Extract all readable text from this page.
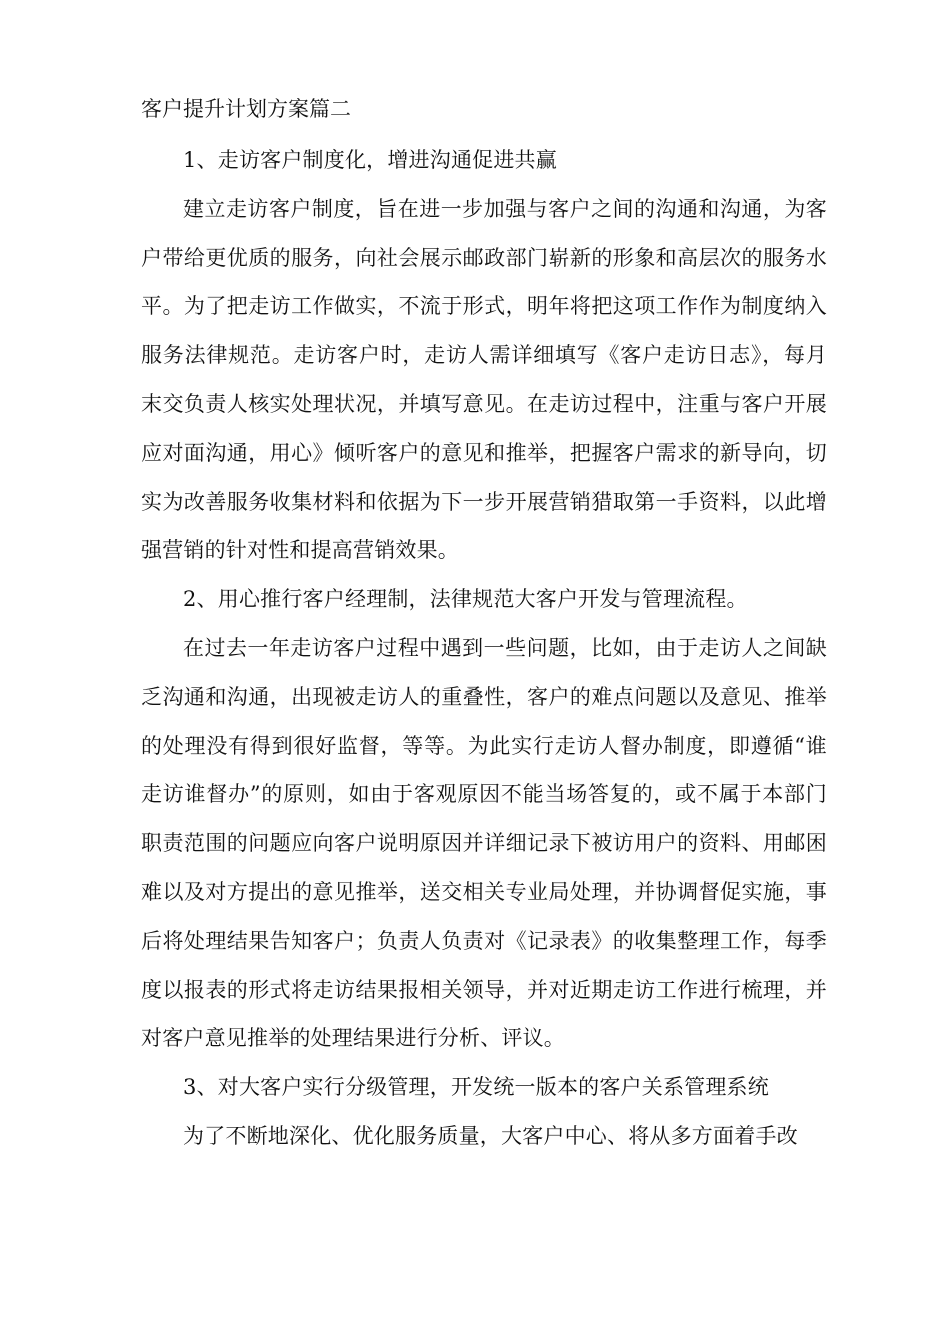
客户提升计划方案篇二

1、走访客户制度化，增进沟通促进共赢

建立走访客户制度，旨在进一步加强与客户之间的沟通和沟通，为客户带给更优质的服务，向社会展示邮政部门崭新的形象和高层次的服务水平。为了把走访工作做实，不流于形式，明年将把这项工作作为制度纳入服务法律规范。走访客户时，走访人需详细填写《客户走访日志》，每月末交负责人核实处理状况，并填写意见。在走访过程中，注重与客户开展应对面沟通，用心》倾听客户的意见和推举，把握客户需求的新导向，切实为改善服务收集材料和依据为下一步开展营销猎取第一手资料，以此增强营销的针对性和提高营销效果。

2、用心推行客户经理制，法律规范大客户开发与管理流程。

在过去一年走访客户过程中遇到一些问题，比如，由于走访人之间缺乏沟通和沟通，出现被走访人的重叠性，客户的难点问题以及意见、推举的处理没有得到很好监督，等等。为此实行走访人督办制度，即遵循“谁走访谁督办”的原则，如由于客观原因不能当场答复的，或不属于本部门职责范围的问题应向客户说明原因并详细记录下被访用户的资料、用邮困难以及对方提出的意见推举，送交相关专业局处理，并协调督促实施，事后将处理结果告知客户；负责人负责对《记录表》的收集整理工作，每季度以报表的形式将走访结果报相关领导，并对近期走访工作进行梳理，并对客户意见推举的处理结果进行分析、评议。

3、对大客户实行分级管理，开发统一版本的客户关系管理系统

为了不断地深化、优化服务质量，大客户中心、将从多方面着手改
